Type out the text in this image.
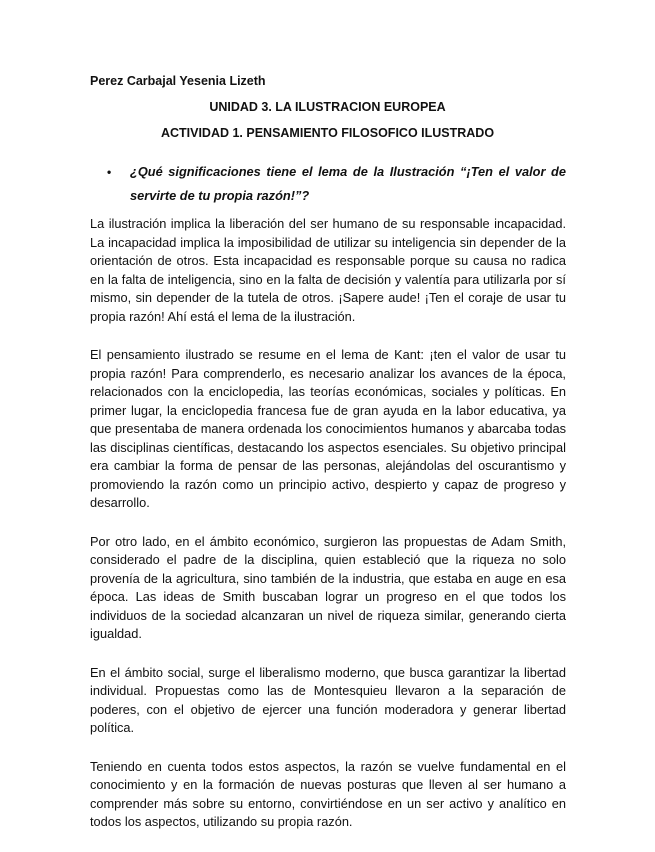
Perez Carbajal Yesenia Lizeth

UNIDAD 3. LA ILUSTRACION EUROPEA

ACTIVIDAD 1. PENSAMIENTO FILOSOFICO ILUSTRADO

• ¿Qué significaciones tiene el lema de la Ilustración “¡Ten el valor de servirte de tu propia razón!”?

La ilustración implica la liberación del ser humano de su responsable incapacidad. La incapacidad implica la imposibilidad de utilizar su inteligencia sin depender de la orientación de otros. Esta incapacidad es responsable porque su causa no radica en la falta de inteligencia, sino en la falta de decisión y valentía para utilizarla por sí mismo, sin depender de la tutela de otros. ¡Sapere aude! ¡Ten el coraje de usar tu propia razón! Ahí está el lema de la ilustración.

El pensamiento ilustrado se resume en el lema de Kant: ¡ten el valor de usar tu propia razón! Para comprenderlo, es necesario analizar los avances de la época, relacionados con la enciclopedia, las teorías económicas, sociales y políticas. En primer lugar, la enciclopedia francesa fue de gran ayuda en la labor educativa, ya que presentaba de manera ordenada los conocimientos humanos y abarcaba todas las disciplinas científicas, destacando los aspectos esenciales. Su objetivo principal era cambiar la forma de pensar de las personas, alejándolas del oscurantismo y promoviendo la razón como un principio activo, despierto y capaz de progreso y desarrollo.

Por otro lado, en el ámbito económico, surgieron las propuestas de Adam Smith, considerado el padre de la disciplina, quien estableció que la riqueza no solo provenía de la agricultura, sino también de la industria, que estaba en auge en esa época. Las ideas de Smith buscaban lograr un progreso en el que todos los individuos de la sociedad alcanzaran un nivel de riqueza similar, generando cierta igualdad.

En el ámbito social, surge el liberalismo moderno, que busca garantizar la libertad individual. Propuestas como las de Montesquieu llevaron a la separación de poderes, con el objetivo de ejercer una función moderadora y generar libertad política.

Teniendo en cuenta todos estos aspectos, la razón se vuelve fundamental en el conocimiento y en la formación de nuevas posturas que lleven al ser humano a comprender más sobre su entorno, convirtiéndose en un ser activo y analítico en todos los aspectos, utilizando su propia razón.
